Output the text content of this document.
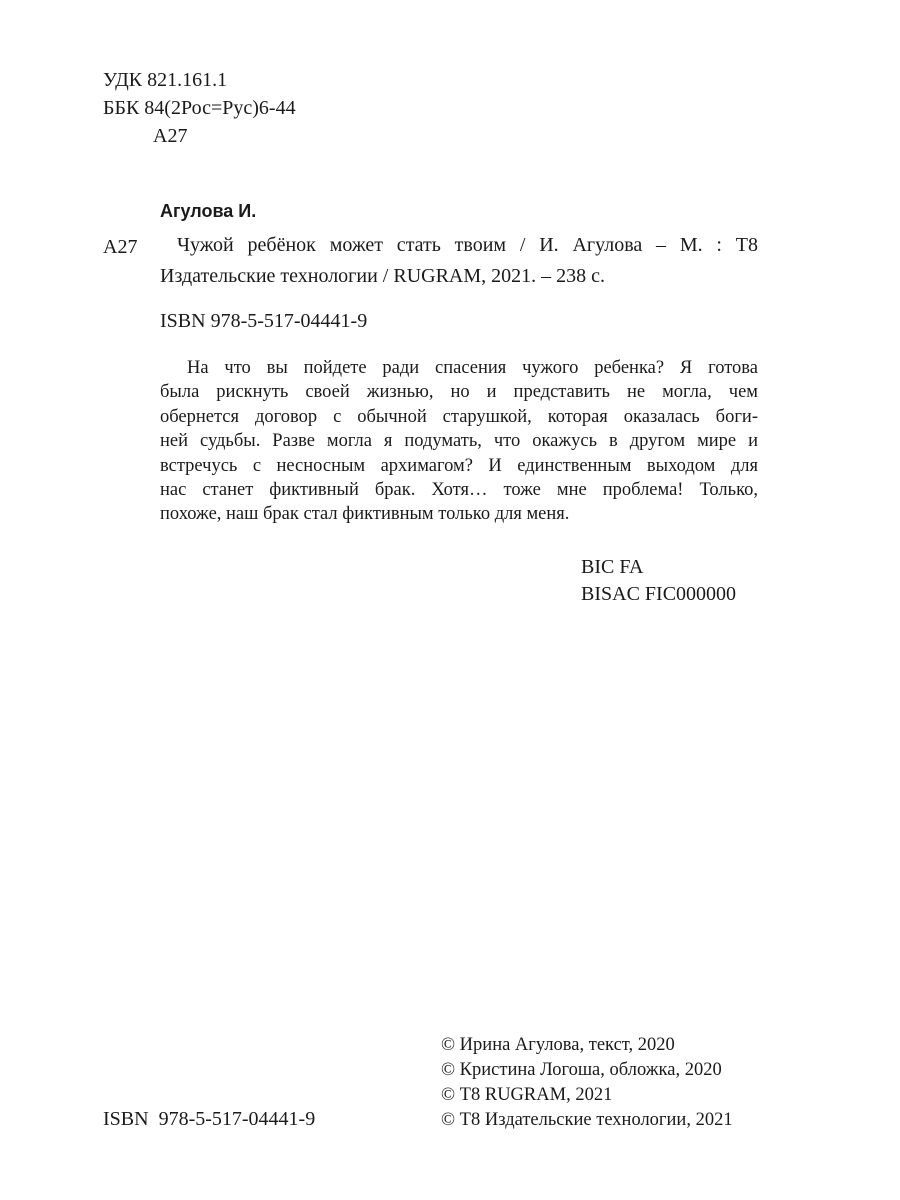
УДК 821.161.1
ББК 84(2Рос=Рус)6-44
А27
Агулова И.
А27	Чужой ребёнок может стать твоим / И. Агулова – М. : Т8
Издательские технологии / RUGRAM, 2021. – 238 с.
ISBN 978-5-517-04441-9
На что вы пойдете ради спасения чужого ребенка? Я готова
была рискнуть своей жизнью, но и представить не могла, чем
обернется договор с обычной старушкой, которая оказалась боги-
ней судьбы. Разве могла я подумать, что окажусь в другом мире и
встречусь с несносным архимагом? И единственным выходом для
нас станет фиктивный брак. Хотя… тоже мне проблема! Только,
похоже, наш брак стал фиктивным только для меня.
BIC FA
BISAC FIC000000
© Ирина Агулова, текст, 2020
© Кристина Логоша, обложка, 2020
© Т8 RUGRAM, 2021
© Т8 Издательские технологии, 2021
ISBN  978-5-517-04441-9
